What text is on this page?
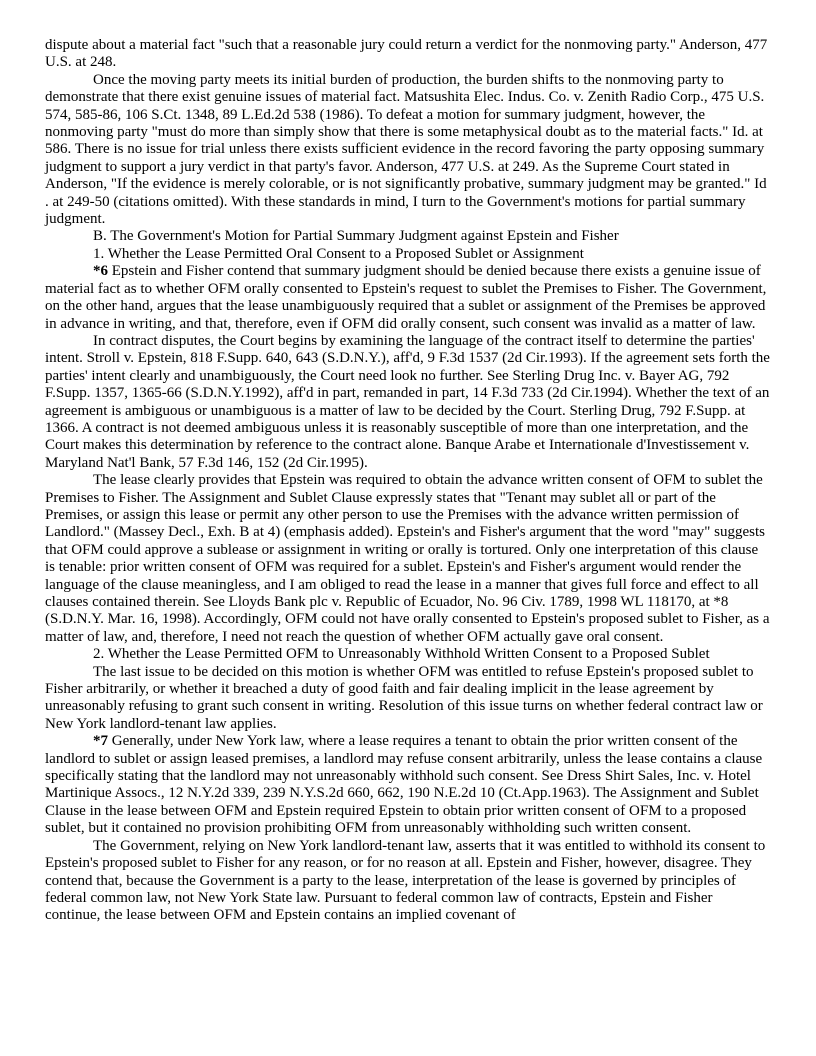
dispute about a material fact "such that a reasonable jury could return a verdict for the nonmoving party." Anderson, 477 U.S. at 248.

Once the moving party meets its initial burden of production, the burden shifts to the nonmoving party to demonstrate that there exist genuine issues of material fact. Matsushita Elec. Indus. Co. v. Zenith Radio Corp., 475 U.S. 574, 585-86, 106 S.Ct. 1348, 89 L.Ed.2d 538 (1986). To defeat a motion for summary judgment, however, the nonmoving party "must do more than simply show that there is some metaphysical doubt as to the material facts." Id. at 586. There is no issue for trial unless there exists sufficient evidence in the record favoring the party opposing summary judgment to support a jury verdict in that party's favor. Anderson, 477 U.S. at 249. As the Supreme Court stated in Anderson, "If the evidence is merely colorable, or is not significantly probative, summary judgment may be granted." Id . at 249-50 (citations omitted). With these standards in mind, I turn to the Government's motions for partial summary judgment.

B. The Government's Motion for Partial Summary Judgment against Epstein and Fisher

1. Whether the Lease Permitted Oral Consent to a Proposed Sublet or Assignment

*6 Epstein and Fisher contend that summary judgment should be denied because there exists a genuine issue of material fact as to whether OFM orally consented to Epstein's request to sublet the Premises to Fisher. The Government, on the other hand, argues that the lease unambiguously required that a sublet or assignment of the Premises be approved in advance in writing, and that, therefore, even if OFM did orally consent, such consent was invalid as a matter of law.

In contract disputes, the Court begins by examining the language of the contract itself to determine the parties' intent. Stroll v. Epstein, 818 F.Supp. 640, 643 (S.D.N.Y.), aff'd, 9 F.3d 1537 (2d Cir.1993). If the agreement sets forth the parties' intent clearly and unambiguously, the Court need look no further. See Sterling Drug Inc. v. Bayer AG, 792 F.Supp. 1357, 1365-66 (S.D.N.Y.1992), aff'd in part, remanded in part, 14 F.3d 733 (2d Cir.1994). Whether the text of an agreement is ambiguous or unambiguous is a matter of law to be decided by the Court. Sterling Drug, 792 F.Supp. at 1366. A contract is not deemed ambiguous unless it is reasonably susceptible of more than one interpretation, and the Court makes this determination by reference to the contract alone. Banque Arabe et Internationale d'Investissement v. Maryland Nat'l Bank, 57 F.3d 146, 152 (2d Cir.1995).

The lease clearly provides that Epstein was required to obtain the advance written consent of OFM to sublet the Premises to Fisher. The Assignment and Sublet Clause expressly states that "Tenant may sublet all or part of the Premises, or assign this lease or permit any other person to use the Premises with the advance written permission of Landlord." (Massey Decl., Exh. B at 4) (emphasis added). Epstein's and Fisher's argument that the word "may" suggests that OFM could approve a sublease or assignment in writing or orally is tortured. Only one interpretation of this clause is tenable: prior written consent of OFM was required for a sublet. Epstein's and Fisher's argument would render the language of the clause meaningless, and I am obliged to read the lease in a manner that gives full force and effect to all clauses contained therein. See Lloyds Bank plc v. Republic of Ecuador, No. 96 Civ. 1789, 1998 WL 118170, at *8 (S.D.N.Y. Mar. 16, 1998). Accordingly, OFM could not have orally consented to Epstein's proposed sublet to Fisher, as a matter of law, and, therefore, I need not reach the question of whether OFM actually gave oral consent.

2. Whether the Lease Permitted OFM to Unreasonably Withhold Written Consent to a Proposed Sublet

The last issue to be decided on this motion is whether OFM was entitled to refuse Epstein's proposed sublet to Fisher arbitrarily, or whether it breached a duty of good faith and fair dealing implicit in the lease agreement by unreasonably refusing to grant such consent in writing. Resolution of this issue turns on whether federal contract law or New York landlord-tenant law applies.

*7 Generally, under New York law, where a lease requires a tenant to obtain the prior written consent of the landlord to sublet or assign leased premises, a landlord may refuse consent arbitrarily, unless the lease contains a clause specifically stating that the landlord may not unreasonably withhold such consent. See Dress Shirt Sales, Inc. v. Hotel Martinique Assocs., 12 N.Y.2d 339, 239 N.Y.S.2d 660, 662, 190 N.E.2d 10 (Ct.App.1963). The Assignment and Sublet Clause in the lease between OFM and Epstein required Epstein to obtain prior written consent of OFM to a proposed sublet, but it contained no provision prohibiting OFM from unreasonably withholding such written consent.

The Government, relying on New York landlord-tenant law, asserts that it was entitled to withhold its consent to Epstein's proposed sublet to Fisher for any reason, or for no reason at all. Epstein and Fisher, however, disagree. They contend that, because the Government is a party to the lease, interpretation of the lease is governed by principles of federal common law, not New York State law. Pursuant to federal common law of contracts, Epstein and Fisher continue, the lease between OFM and Epstein contains an implied covenant of
